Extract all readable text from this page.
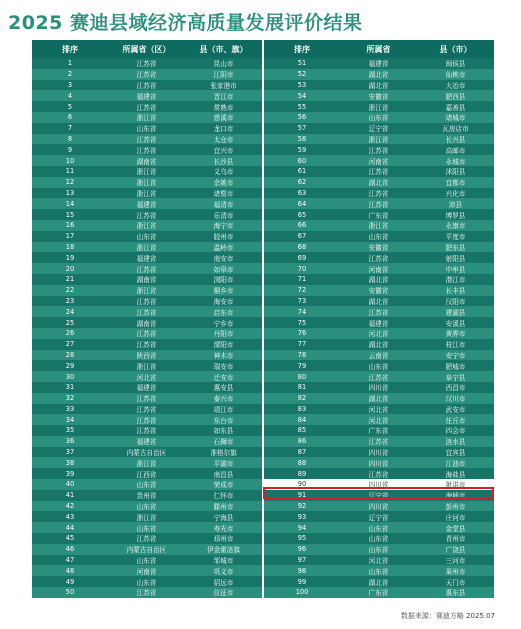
2025 赛迪县域经济高质量发展评价结果
排序	所属省（区）	县（市、旗）
1	江苏省	昆山市
2	江苏省	江阴市
3	江苏省	张家港市
4	福建省	晋江市
5	江苏省	常熟市
6	浙江省	慈溪市
7	山东省	龙口市
8	江苏省	太仓市
9	江苏省	宜兴市
10	湖南省	长沙县
11	浙江省	义乌市
12	浙江省	余姚市
13	浙江省	诸暨市
14	福建省	福清市
15	江苏省	乐清市
16	浙江省	海宁市
17	山东省	胶州市
18	浙江省	温岭市
19	福建省	南安市
20	江苏省	如皋市
21	湖南省	浏阳市
22	浙江省	桐乡市
23	江苏省	海安市
24	江苏省	启东市
25	湖南省	宁乡市
26	江苏省	丹阳市
27	江苏省	溧阳市
28	陕西省	神木市
29	浙江省	瑞安市
30	河北省	迁安市
31	福建省	惠安县
32	江苏省	泰兴市
33	江苏省	靖江市
34	江苏省	东台市
35	江苏省	如东县
36	福建省	石狮市
37	内蒙古自治区	准格尔旗
38	浙江省	平湖市
39	江西省	南昌县
40	山东省	荣成市
41	贵州省	仁怀市
42	山东省	滕州市
43	浙江省	宁海县
44	山东省	寿光市
45	江苏省	邳州市
46	内蒙古自治区	伊金霍洛旗
47	山东省	邹城市
48	河南省	巩义市
49	山东省	招远市
50	江苏省	仪征市
排序	所属省	县（市）
51	福建省	闽侯县
52	湖北省	仙桃市
53	湖北省	大冶市
54	安徽省	肥西县
55	浙江省	嘉善县
56	山东省	诸城市
57	辽宁省	瓦房店市
58	浙江省	长兴县
59	江苏省	高邮市
60	河南省	永城市
61	江苏省	沭阳县
62	湖北省	宜都市
63	江苏省	兴化市
64	江苏省	沛县
65	广东省	博罗县
66	浙江省	永康市
67	山东省	平度市
68	安徽省	肥东县
69	江苏省	射阳县
70	河南省	中牟县
71	湖北省	潜江市
72	安徽省	长丰县
73	湖北省	汉阳市
74	江苏省	建湖县
75	福建省	安溪县
76	河北省	黄骅市
77	湖北省	枝江市
78	云南省	安宁市
79	山东省	肥城市
80	江苏省	阜宁县
81	四川省	西昌市
82	湖北省	汉川市
83	河北省	武安市
84	河北省	任丘市
85	广东省	四会市
86	江苏省	涟水县
87	四川省	宜宾县
88	四川省	江油市
89	江苏省	海盐县
90	四川省	射洪市
91	辽宁省	海城市
92	四川省	彭州市
93	辽宁省	庄河市
94	山东省	金堂县
95	山东省	青州市
96	山东省	广饶县
97	河北省	三河市
98	山东省	莱州市
99	湖北省	天门市
100	广东省	惠东县
数据来源：赛迪方略 2025.07
